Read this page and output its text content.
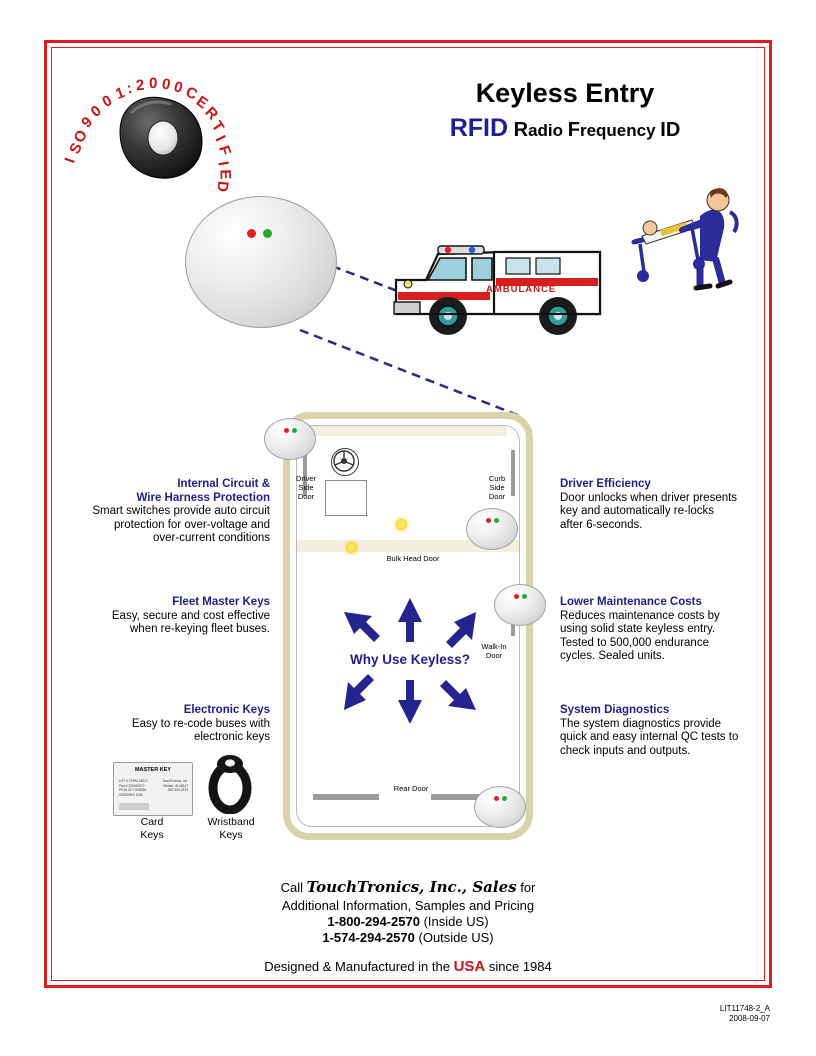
I
S
O
9
0
0
1
: 2 0 0 0
C
E
R
T
I
F
I
E
D
Keyless Entry
RFID Radio Frequency ID
AMBULANCE
Driver
Side
Door
Curb
Side
Door
Bulk Head Door
Walk-In
Door
Rear Door
Why Use Keyless?
Internal Circuit &
Wire Harness Protection
Smart switches provide auto circuit protection for over-voltage and over-current conditions
Fleet Master Keys
Easy, secure and cost effective when re-keying fleet buses.
Electronic Keys
Easy to re-code buses with electronic keys
Driver Efficiency
Door unlocks when driver presents key and automatically re-locks after 6-seconds.
Lower Maintenance Costs
Reduces maintenance costs by using solid state keyless entry. Tested to 500,000 endurance cycles. Sealed units.
System Diagnostics
The system diagnostics provide quick and easy internal QC tests to check inputs and outputs.
MASTER KEY
LOT # TERM-24512
Part # 200442570
PK15-02 Y #9008A
ORDERED 0030
TouchTronics, Inc.
Elkhart, IN 46517
800-294-2570
Card
Keys
Wristband
Keys
Call TouchTronics, Inc., Sales for
Additional Information, Samples and Pricing
1-800-294-2570 (Inside US)
1-574-294-2570 (Outside US)
Designed & Manufactured in the USA since 1984
LIT11748-2_A
2008-09-07
